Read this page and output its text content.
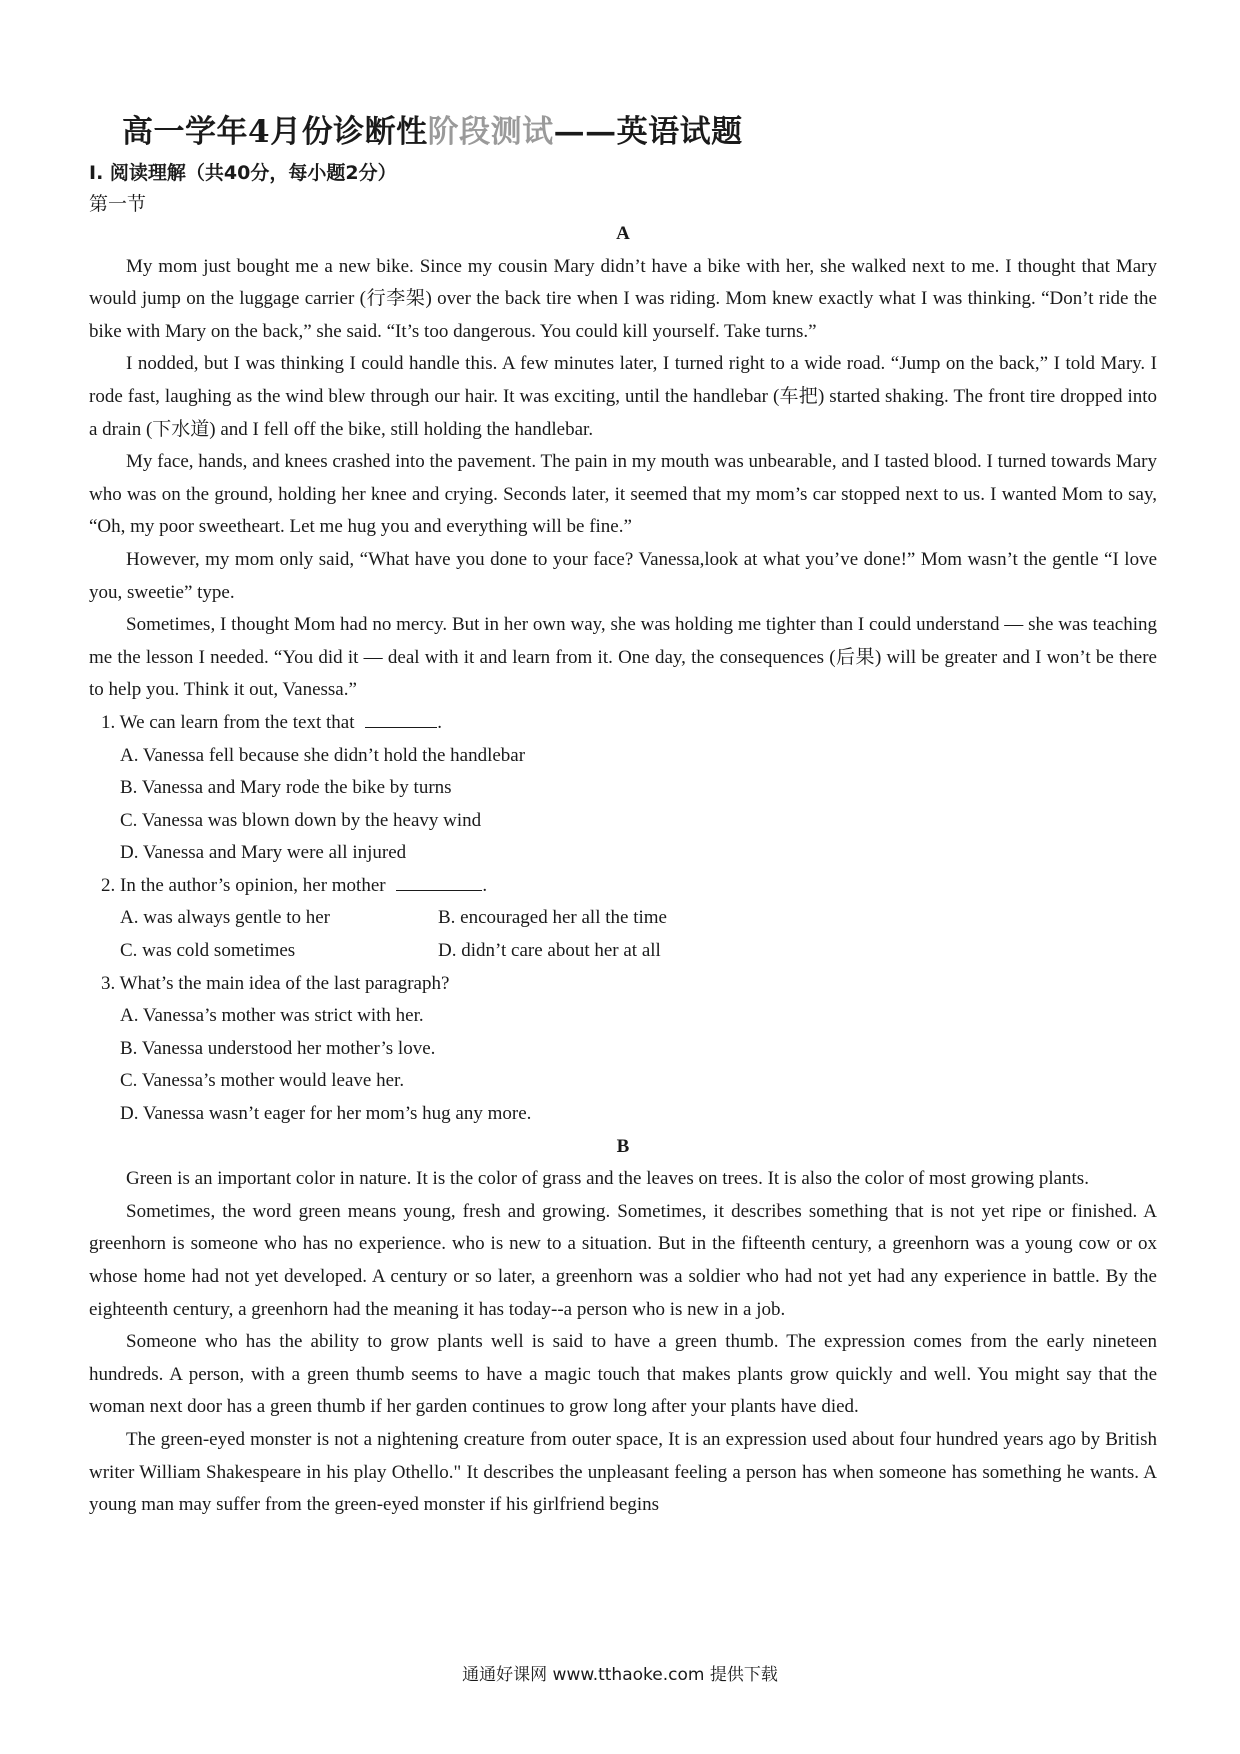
高一学年4月份诊断性阶段测试——英语试题
I. 阅读理解（共40分，每小题2分）
第一节
A

My mom just bought me a new bike. Since my cousin Mary didn’t have a bike with her, she walked next to me. I thought that Mary would jump on the luggage carrier (行李架) over the back tire when I was riding. Mom knew exactly what I was thinking. “Don’t ride the bike with Mary on the back,” she said. “It’s too dangerous. You could kill yourself. Take turns.”

I nodded, but I was thinking I could handle this. A few minutes later, I turned right to a wide road. “Jump on the back,” I told Mary. I rode fast, laughing as the wind blew through our hair. It was exciting, until the handlebar (车把) started shaking. The front tire dropped into a drain (下水道) and I fell off the bike, still holding the handlebar.

My face, hands, and knees crashed into the pavement. The pain in my mouth was unbearable, and I tasted blood. I turned towards Mary who was on the ground, holding her knee and crying. Seconds later, it seemed that my mom’s car stopped next to us. I wanted Mom to say, “Oh, my poor sweetheart. Let me hug you and everything will be fine.”

However, my mom only said, “What have you done to your face? Vanessa,look at what you’ve done!” Mom wasn’t the gentle “I love you, sweetie” type.

Sometimes, I thought Mom had no mercy. But in her own way, she was holding me tighter than I could understand — she was teaching me the lesson I needed. “You did it — deal with it and learn from it. One day, the consequences (后果) will be greater and I won’t be there to help you. Think it out, Vanessa.”

1. We can learn from the text that	.
A. Vanessa fell because she didn’t hold the handlebar
B. Vanessa and Mary rode the bike by turns
C. Vanessa was blown down by the heavy wind
D. Vanessa and Mary were all injured
2. In the author’s opinion, her mother	.
A. was always gentle to her	B. encouraged her all the time
C. was cold sometimes	D. didn’t care about her at all
3. What’s the main idea of the last paragraph?
A. Vanessa’s mother was strict with her.
B. Vanessa understood her mother’s love.
C. Vanessa’s mother would leave her.
D. Vanessa wasn’t eager for her mom’s hug any more.
B

Green is an important color in nature. It is the color of grass and the leaves on trees. It is also the color of most growing plants.

Sometimes, the word green means young, fresh and growing. Sometimes, it describes something that is not yet ripe or finished. A greenhorn is someone who has no experience. who is new to a situation. But in the fifteenth century, a greenhorn was a young cow or ox whose home had not yet developed. A century or so later, a greenhorn was a soldier who had not yet had any experience in battle. By the eighteenth century, a greenhorn had the meaning it has today--a person who is new in a job.

Someone who has the ability to grow plants well is said to have a green thumb. The expression comes from the early nineteen hundreds. A person, with a green thumb seems to have a magic touch that makes plants grow quickly and well. You might say that the woman next door has a green thumb if her garden continues to grow long after your plants have died.

The green-eyed monster is not a nightening creature from outer space, It is an expression used about four hundred years ago by British writer William Shakespeare in his play Othello." It describes the unpleasant feeling a person has when someone has something he wants. A young man may suffer from the green-eyed monster if his girlfriend begins

通通好课网 www.tthaoke.com 提供下载
